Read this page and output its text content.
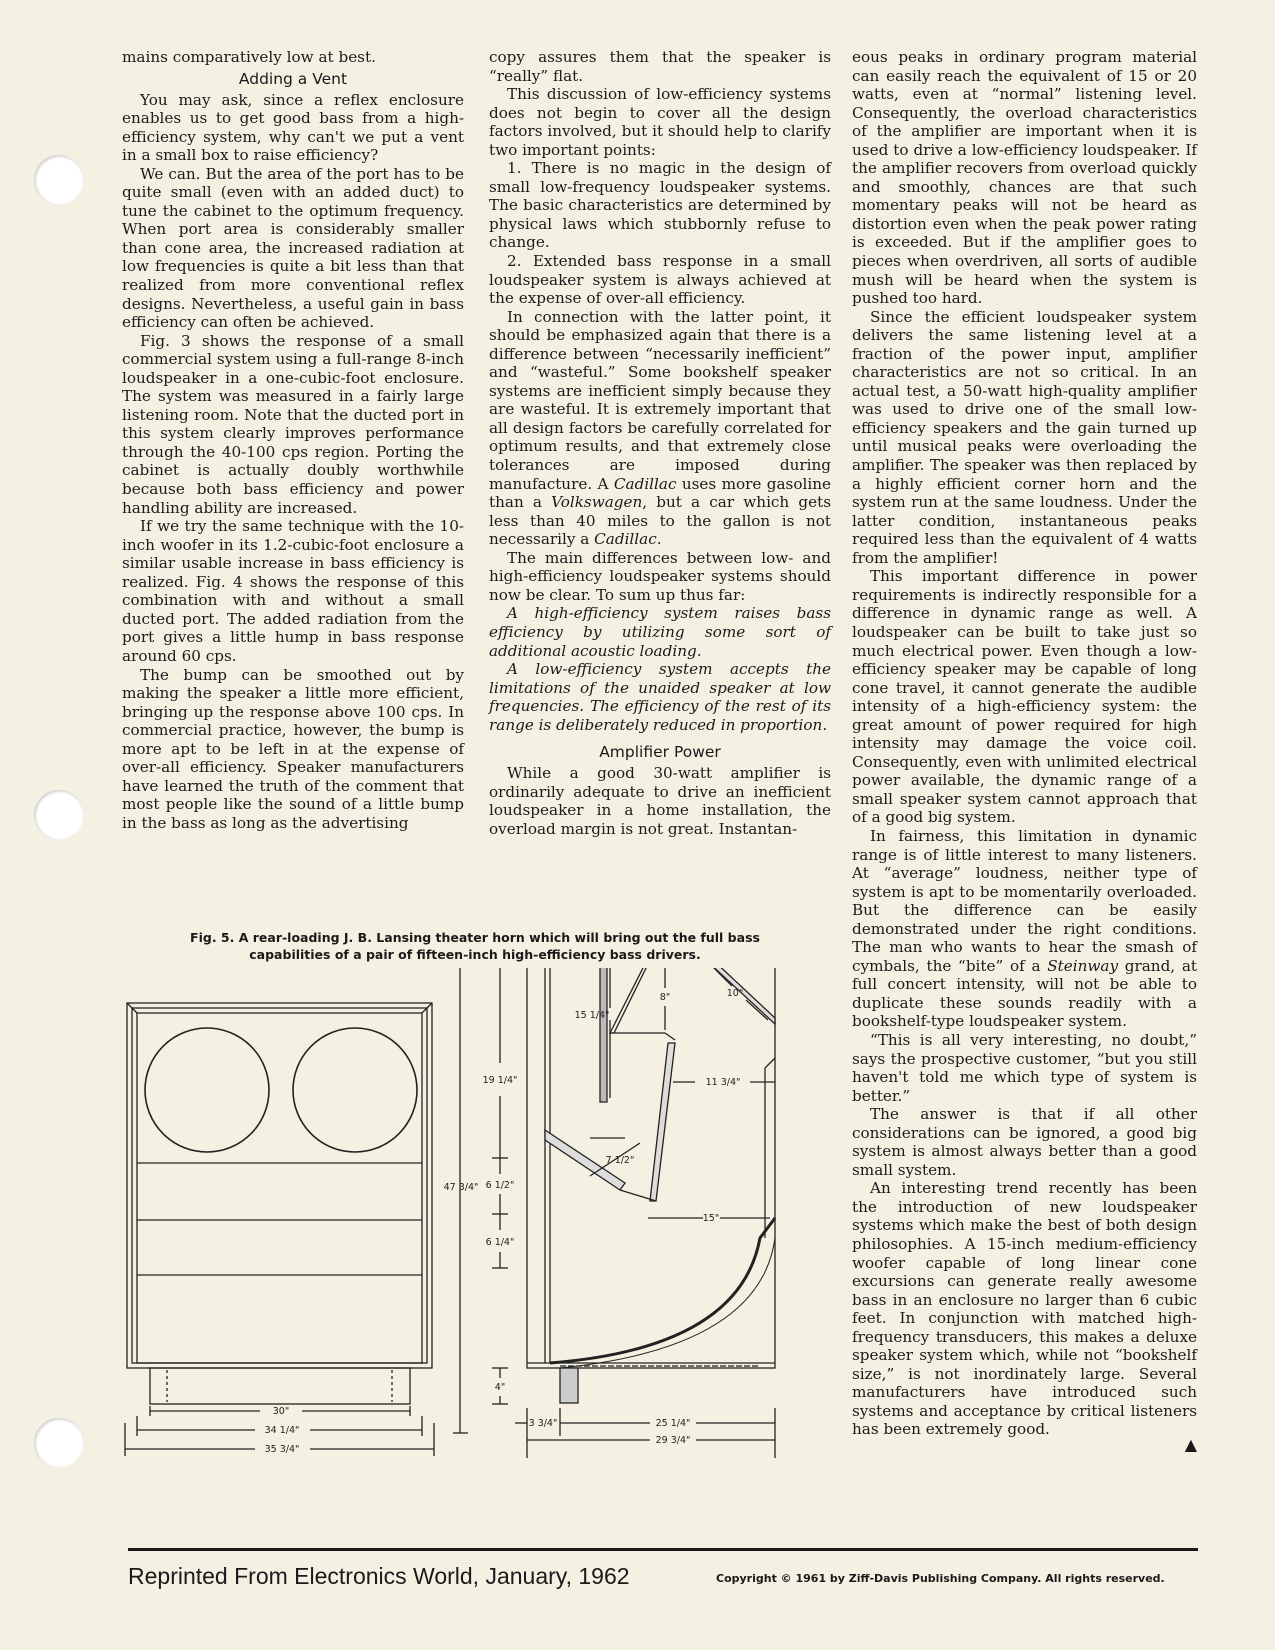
mains comparatively low at best.

Adding a Vent

You may ask, since a reflex enclosure enables us to get good bass from a high-efficiency system, why can't we put a vent in a small box to raise efficiency?

We can. But the area of the port has to be quite small (even with an added duct) to tune the cabinet to the optimum frequency. When port area is considerably smaller than cone area, the increased radiation at low frequencies is quite a bit less than that realized from more conventional reflex designs. Nevertheless, a useful gain in bass efficiency can often be achieved.

Fig. 3 shows the response of a small commercial system using a full-range 8-inch loudspeaker in a one-cubic-foot enclosure. The system was measured in a fairly large listening room. Note that the ducted port in this system clearly improves performance through the 40-100 cps region. Porting the cabinet is actually doubly worthwhile because both bass efficiency and power handling ability are increased.

If we try the same technique with the 10-inch woofer in its 1.2-cubic-foot enclosure a similar usable increase in bass efficiency is realized. Fig. 4 shows the response of this combination with and without a small ducted port. The added radiation from the port gives a little hump in bass response around 60 cps.

The bump can be smoothed out by making the speaker a little more efficient, bringing up the response above 100 cps. In commercial practice, however, the bump is more apt to be left in at the expense of over-all efficiency. Speaker manufacturers have learned the truth of the comment that most people like the sound of a little bump in the bass as long as the advertising

copy assures them that the speaker is “really” flat.

This discussion of low-efficiency systems does not begin to cover all the design factors involved, but it should help to clarify two important points:

1. There is no magic in the design of small low-frequency loudspeaker systems. The basic characteristics are determined by physical laws which stubbornly refuse to change.

2. Extended bass response in a small loudspeaker system is always achieved at the expense of over-all efficiency.

In connection with the latter point, it should be emphasized again that there is a difference between “necessarily inefficient” and “wasteful.” Some bookshelf speaker systems are inefficient simply because they are wasteful. It is extremely important that all design factors be carefully correlated for optimum results, and that extremely close tolerances are imposed during manufacture. A Cadillac uses more gasoline than a Volkswagen, but a car which gets less than 40 miles to the gallon is not necessarily a Cadillac.

The main differences between low- and high-efficiency loudspeaker systems should now be clear. To sum up thus far:

A high-efficiency system raises bass efficiency by utilizing some sort of additional acoustic loading.

A low-efficiency system accepts the limitations of the unaided speaker at low frequencies. The efficiency of the rest of its range is deliberately reduced in proportion.

Amplifier Power

While a good 30-watt amplifier is ordinarily adequate to drive an inefficient loudspeaker in a home installation, the overload margin is not great. Instantan-

eous peaks in ordinary program material can easily reach the equivalent of 15 or 20 watts, even at “normal” listening level. Consequently, the overload characteristics of the amplifier are important when it is used to drive a low-efficiency loudspeaker. If the amplifier recovers from overload quickly and smoothly, chances are that such momentary peaks will not be heard as distortion even when the peak power rating is exceeded. But if the amplifier goes to pieces when overdriven, all sorts of audible mush will be heard when the system is pushed too hard.

Since the efficient loudspeaker system delivers the same listening level at a fraction of the power input, amplifier characteristics are not so critical. In an actual test, a 50-watt high-quality amplifier was used to drive one of the small low-efficiency speakers and the gain turned up until musical peaks were overloading the amplifier. The speaker was then replaced by a highly efficient corner horn and the system run at the same loudness. Under the latter condition, instantaneous peaks required less than the equivalent of 4 watts from the amplifier!

This important difference in power requirements is indirectly responsible for a difference in dynamic range as well. A loudspeaker can be built to take just so much electrical power. Even though a low-efficiency speaker may be capable of long cone travel, it cannot generate the audible intensity of a high-efficiency system: the great amount of power required for high intensity may damage the voice coil. Consequently, even with unlimited electrical power available, the dynamic range of a small speaker system cannot approach that of a good big system.

In fairness, this limitation in dynamic range is of little interest to many listeners. At “average” loudness, neither type of system is apt to be momentarily overloaded. But the difference can be easily demonstrated under the right conditions. The man who wants to hear the smash of cymbals, the “bite” of a Steinway grand, at full concert intensity, will not be able to duplicate these sounds readily with a bookshelf-type loudspeaker system.

“This is all very interesting, no doubt,” says the prospective customer, “but you still haven't told me which type of system is better.”

The answer is that if all other considerations can be ignored, a good big system is almost always better than a good small system.

An interesting trend recently has been the introduction of new loudspeaker systems which make the best of both design philosophies. A 15-inch medium-efficiency woofer capable of long linear cone excursions can generate really awesome bass in an enclosure no larger than 6 cubic feet. In conjunction with matched high-frequency transducers, this makes a deluxe speaker system which, while not “bookshelf size,” is not inordinately large. Several manufacturers have introduced such systems and acceptance by critical listeners has been extremely good.

▲
Fig. 5. A rear-loading J. B. Lansing theater horn which will bring out the full bass capabilities of a pair of fifteen-inch high-efficiency bass drivers.
30"
34 1/4"
35 3/4"
47 3/4"
19 1/4"
6 1/2"
6 1/4"
4"
15 1/4"
8"	10"
11 3/4"
7 1/2"
15"
3 3/4"	25 1/4"
29 3/4"
Reprinted From Electronics World, January, 1962	Copyright © 1961 by Ziff-Davis Publishing Company. All rights reserved.
